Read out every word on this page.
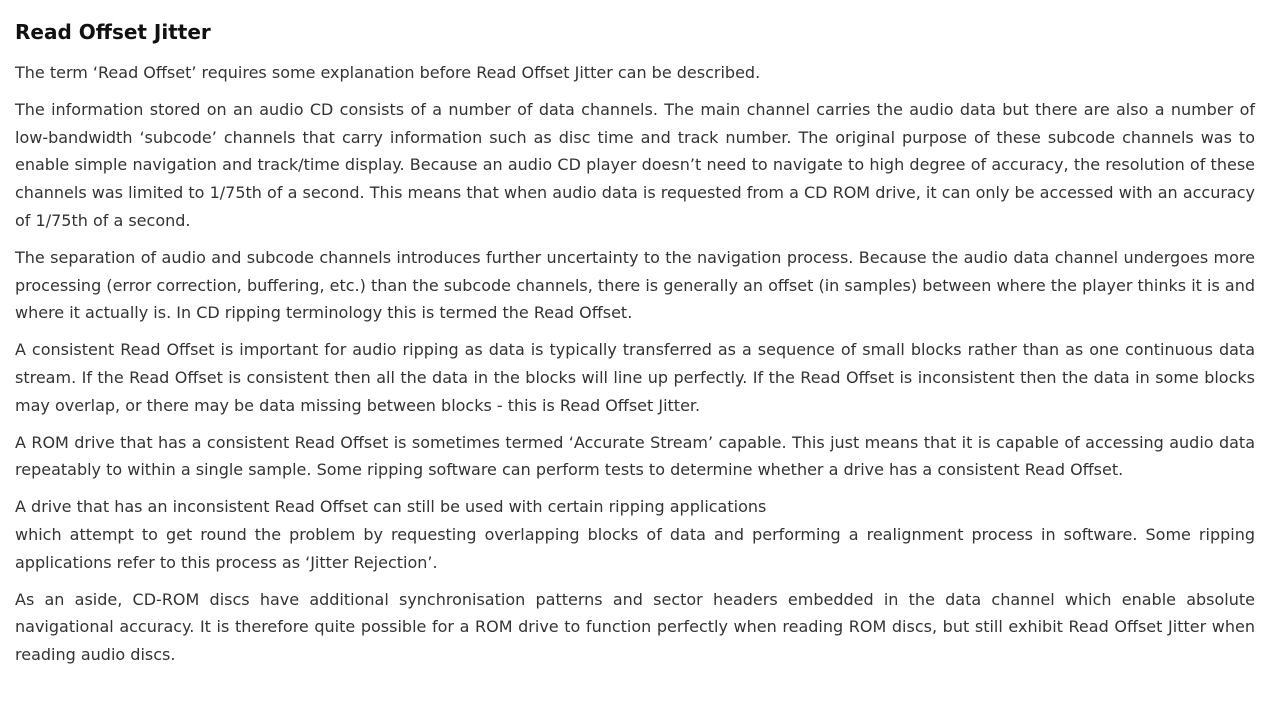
Read Offset Jitter

The term ‘Read Offset’ requires some explanation before Read Offset Jitter can be described.

The information stored on an audio CD consists of a number of data channels. The main channel carries the audio data but there are also a number of low-bandwidth ‘subcode’ channels that carry information such as disc time and track number. The original purpose of these subcode channels was to enable simple navigation and track/time display. Because an audio CD player doesn’t need to navigate to high degree of accuracy, the resolution of these channels was limited to 1/75th of a second. This means that when audio data is requested from a CD ROM drive, it can only be accessed with an accuracy of 1/75th of a second.

The separation of audio and subcode channels introduces further uncertainty to the navigation process. Because the audio data channel undergoes more processing (error correction, buffering, etc.) than the subcode channels, there is generally an offset (in samples) between where the player thinks it is and where it actually is. In CD ripping terminology this is termed the Read Offset.

A consistent Read Offset is important for audio ripping as data is typically transferred as a sequence of small blocks rather than as one continuous data stream. If the Read Offset is consistent then all the data in the blocks will line up perfectly. If the Read Offset is inconsistent then the data in some blocks may overlap, or there may be data missing between blocks - this is Read Offset Jitter.

A ROM drive that has a consistent Read Offset is sometimes termed ‘Accurate Stream’ capable. This just means that it is capable of accessing audio data repeatably to within a single sample. Some ripping software can perform tests to determine whether a drive has a consistent Read Offset.

A drive that has an inconsistent Read Offset can still be used with certain ripping applications
which attempt to get round the problem by requesting overlapping blocks of data and performing a realignment process in software. Some ripping applications refer to this process as ‘Jitter Rejection’.

As an aside, CD-ROM discs have additional synchronisation patterns and sector headers embedded in the data channel which enable absolute navigational accuracy. It is therefore quite possible for a ROM drive to function perfectly when reading ROM discs, but still exhibit Read Offset Jitter when reading audio discs.
